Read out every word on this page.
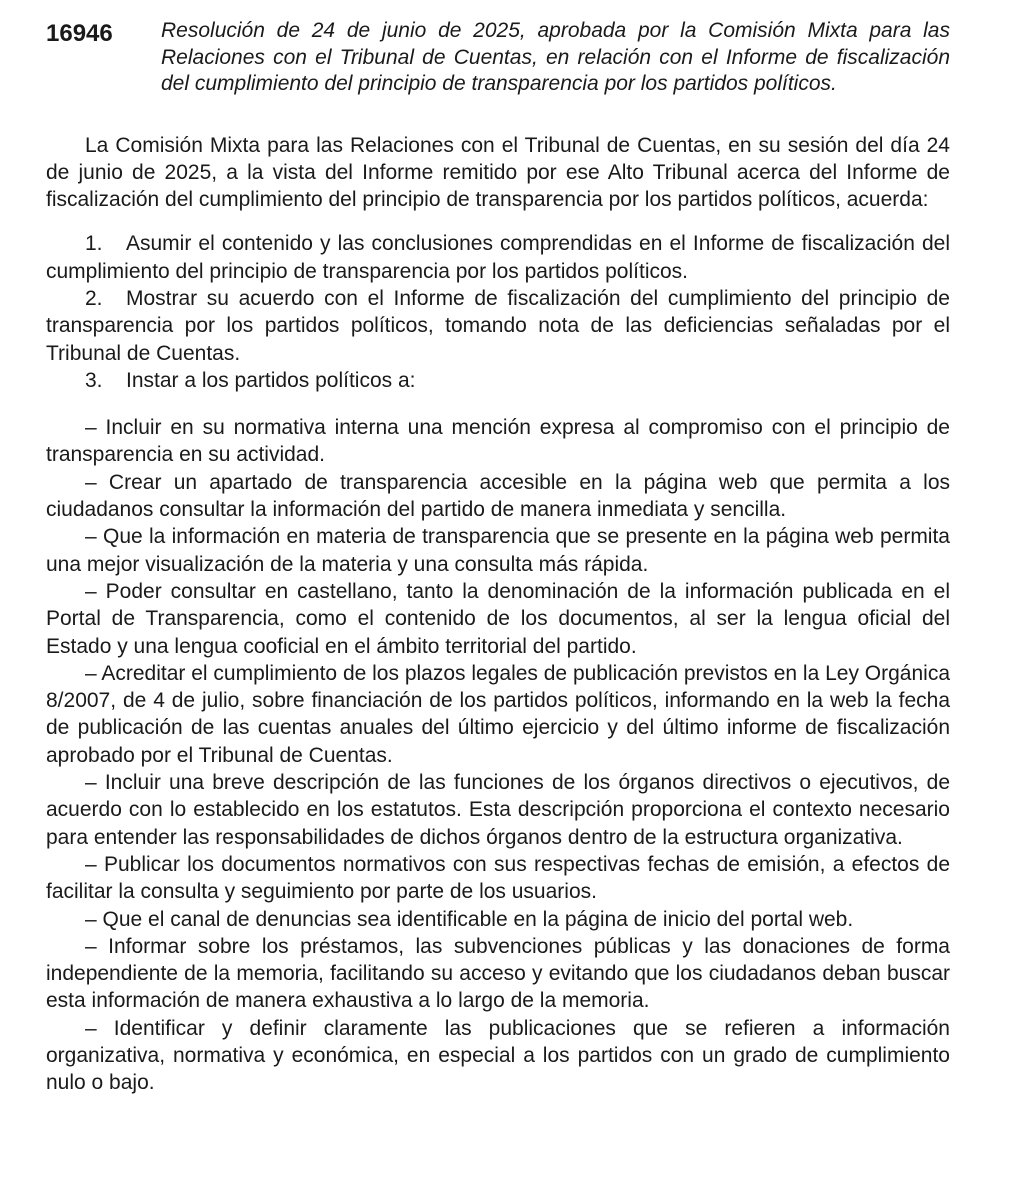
16946	Resolución de 24 de junio de 2025, aprobada por la Comisión Mixta para las Relaciones con el Tribunal de Cuentas, en relación con el Informe de fiscalización del cumplimiento del principio de transparencia por los partidos políticos.

La Comisión Mixta para las Relaciones con el Tribunal de Cuentas, en su sesión del día 24 de junio de 2025, a la vista del Informe remitido por ese Alto Tribunal acerca del Informe de fiscalización del cumplimiento del principio de transparencia por los partidos políticos, acuerda:

1. Asumir el contenido y las conclusiones comprendidas en el Informe de fiscalización del cumplimiento del principio de transparencia por los partidos políticos.
2. Mostrar su acuerdo con el Informe de fiscalización del cumplimiento del principio de transparencia por los partidos políticos, tomando nota de las deficiencias señaladas por el Tribunal de Cuentas.
3. Instar a los partidos políticos a:
– Incluir en su normativa interna una mención expresa al compromiso con el principio de transparencia en su actividad.
– Crear un apartado de transparencia accesible en la página web que permita a los ciudadanos consultar la información del partido de manera inmediata y sencilla.
– Que la información en materia de transparencia que se presente en la página web permita una mejor visualización de la materia y una consulta más rápida.
– Poder consultar en castellano, tanto la denominación de la información publicada en el Portal de Transparencia, como el contenido de los documentos, al ser la lengua oficial del Estado y una lengua cooficial en el ámbito territorial del partido.
– Acreditar el cumplimiento de los plazos legales de publicación previstos en la Ley Orgánica 8/2007, de 4 de julio, sobre financiación de los partidos políticos, informando en la web la fecha de publicación de las cuentas anuales del último ejercicio y del último informe de fiscalización aprobado por el Tribunal de Cuentas.
– Incluir una breve descripción de las funciones de los órganos directivos o ejecutivos, de acuerdo con lo establecido en los estatutos. Esta descripción proporciona el contexto necesario para entender las responsabilidades de dichos órganos dentro de la estructura organizativa.
– Publicar los documentos normativos con sus respectivas fechas de emisión, a efectos de facilitar la consulta y seguimiento por parte de los usuarios.
– Que el canal de denuncias sea identificable en la página de inicio del portal web.
– Informar sobre los préstamos, las subvenciones públicas y las donaciones de forma independiente de la memoria, facilitando su acceso y evitando que los ciudadanos deban buscar esta información de manera exhaustiva a lo largo de la memoria.
– Identificar y definir claramente las publicaciones que se refieren a información organizativa, normativa y económica, en especial a los partidos con un grado de cumplimiento nulo o bajo.
